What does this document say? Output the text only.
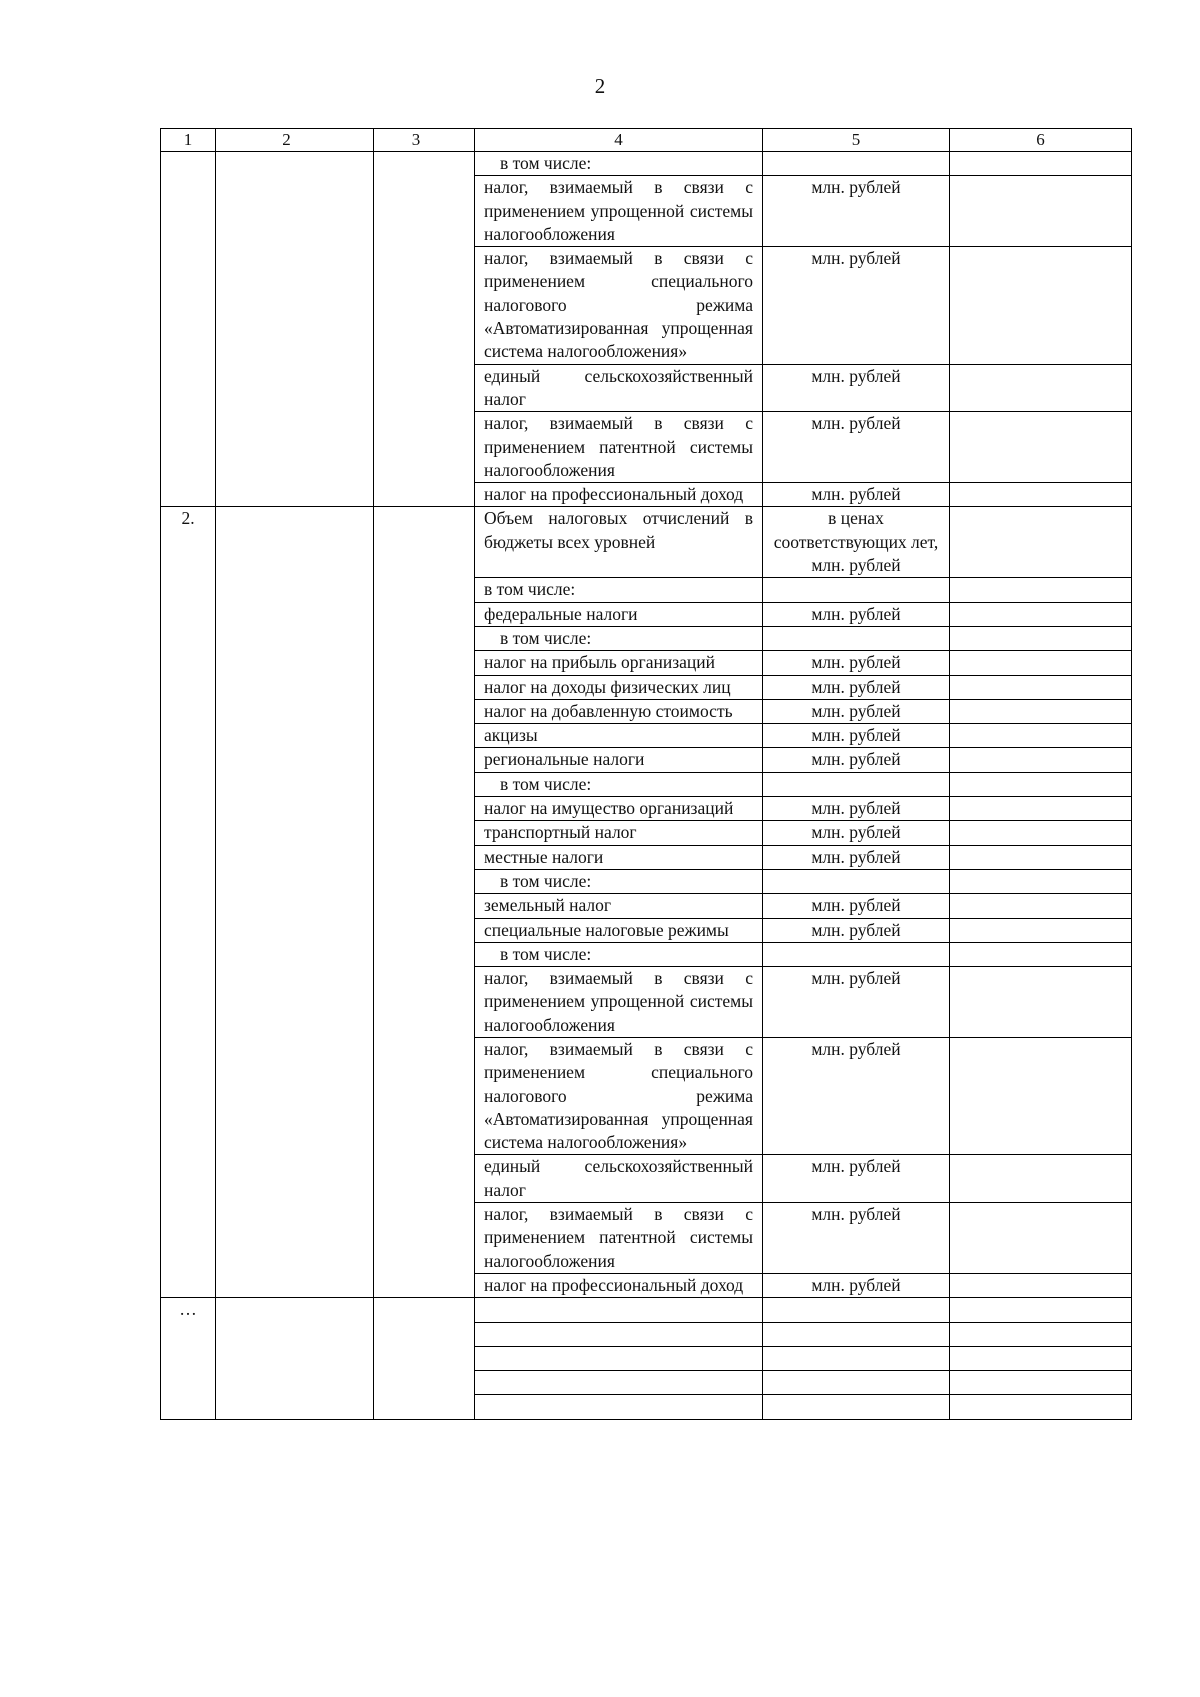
2
1	2	3	4	5	6
			в том числе:		
			налог, взимаемый в связи с применением упрощенной системы налогообложения	млн. рублей	
			налог, взимаемый в связи с применением специального налогового режима «Автоматизированная упрощенная система налогообложения»	млн. рублей	
			единый сельскохозяйственный налог	млн. рублей	
			налог, взимаемый в связи с применением патентной системы налогообложения	млн. рублей	
			налог на профессиональный доход	млн. рублей	
2.			Объем налоговых отчислений в бюджеты всех уровней	в ценах соответствующих лет, млн. рублей	
			в том числе:		
			федеральные налоги	млн. рублей	
			в том числе:		
			налог на прибыль организаций	млн. рублей	
			налог на доходы физических лиц	млн. рублей	
			налог на добавленную стоимость	млн. рублей	
			акцизы	млн. рублей	
			региональные налоги	млн. рублей	
			в том числе:		
			налог на имущество организаций	млн. рублей	
			транспортный налог	млн. рублей	
			местные налоги	млн. рублей	
			в том числе:		
			земельный налог	млн. рублей	
			специальные налоговые режимы	млн. рублей	
			в том числе:		
			налог, взимаемый в связи с применением упрощенной системы налогообложения	млн. рублей	
			налог, взимаемый в связи с применением специального налогового режима «Автоматизированная упрощенная система налогообложения»	млн. рублей	
			единый сельскохозяйственный налог	млн. рублей	
			налог, взимаемый в связи с применением патентной системы налогообложения	млн. рублей	
			налог на профессиональный доход	млн. рублей	
…					
